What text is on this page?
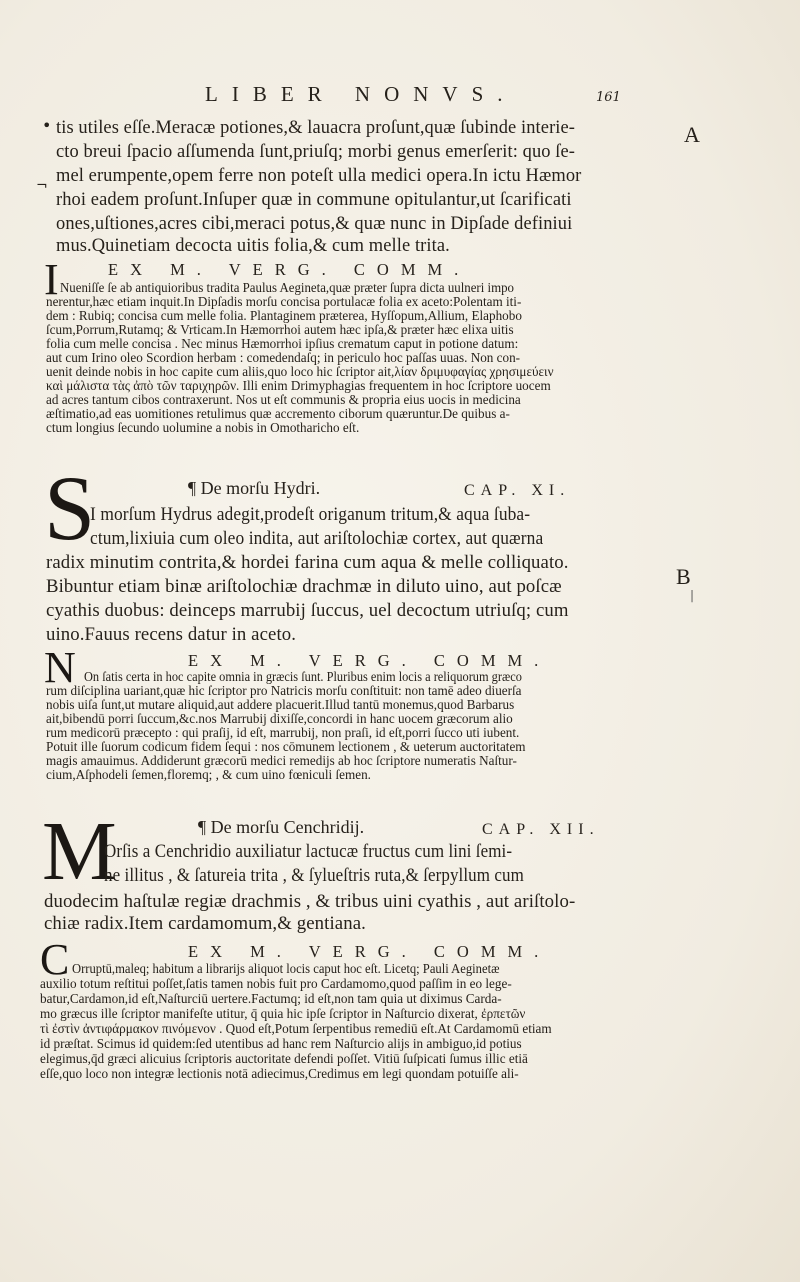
LIBER NONVS.	161
A
B
|
•
¬
tis utiles eſſe.Meracæ potiones,& lauacra proſunt,quæ ſubinde interie-
cto breui ſpacio aſſumenda ſunt,priuſq; morbi genus emerſerit: quo ſe-
mel erumpente,opem ferre non poteſt ulla medici opera.In ictu Hæmor
rhoi eadem proſunt.Inſuper quæ in commune opitulantur,ut ſcarificati
ones,uſtiones,acres cibi,meraci potus,& quæ nunc in Dipſade definiui
mus.Quinetiam decocta uitis folia,& cum melle trita.
I	EX M. VERG. COMM.
Nueniſſe ſe ab antiquioribus tradita Paulus Aegineta,quæ præter ſupra dicta uulneri impo
nerentur,hæc etiam inquit.In Dipſadis morſu concisa portulacæ folia ex aceto:Polentam iti-
dem : Rubiq; concisa cum melle folia. Plantaginem præterea, Hyſſopum,Allium, Elaphobo
ſcum,Porrum,Rutamq; & Vrticam.In Hæmorrhoi autem hæc ipſa,& præter hæc elixa uitis
folia cum melle concisa . Nec minus Hæmorrhoi ipſius crematum caput in potione datum:
aut cum Irino oleo Scordion herbam : comedendaſq; in periculo hoc paſſas uuas. Non con-
uenit deinde nobis in hoc capite cum aliis,quo loco hic ſcriptor ait,λίαν δριμυφαγίας χρησιμεύειν
καὶ μάλιστα τὰς ἀπὸ τῶν ταριχηρῶν. Illi enim Drimyphagias frequentem in hoc ſcriptore uocem
ad acres tantum cibos contraxerunt. Nos ut eſt communis & propria eius uocis in medicina
æſtimatio,ad eas uomitiones retulimus quæ accremento ciborum quæruntur.De quibus a-
ctum longius ſecundo uolumine a nobis in Omotharicho eſt.
S	¶ De morſu Hydri.	CAP. XI.
I morſum Hydrus adegit,prodeſt origanum tritum,& aqua ſuba-
ctum,lixiuia cum oleo indita, aut ariſtolochiæ cortex, aut quærna
radix minutim contrita,& hordei farina cum aqua & melle colliquato.
Bibuntur etiam binæ ariſtolochiæ drachmæ in diluto uino, aut poſcæ
cyathis duobus: deinceps marrubij ſuccus, uel decoctum utriuſq; cum
uino.Fauus recens datur in aceto.
N	EX M. VERG. COMM.
On ſatis certa in hoc capite omnia in græcis ſunt. Pluribus enim locis a reliquorum græco
rum diſciplina uariant,quæ hic ſcriptor pro Natricis morſu conſtituit: non tamē adeo diuerſa
nobis uiſa ſunt,ut mutare aliquid,aut addere placuerit.Illud tantū monemus,quod Barbarus
ait,bibendū porri ſuccum,&c.nos Marrubij dixiſſe,concordi in hanc uocem græcorum alio
rum medicorū præcepto : qui praſij, id eſt, marrubij, non praſi, id eſt,porri ſucco uti iubent.
Potuit ille ſuorum codicum fidem ſequi : nos cōmunem lectionem , & ueterum auctoritatem
magis amauimus. Addiderunt græcorū medici remedijs ab hoc ſcriptore numeratis Naſtur-
cium,Aſphodeli ſemen,floremq; , & cum uino fœniculi ſemen.
M	¶ De morſu Cenchridij.	CAP. XII.
Orſis a Cenchridio auxiliatur lactucæ fructus cum lini ſemi-
ne illitus , & ſatureia trita , & ſylueſtris ruta,& ſerpyllum cum
duodecim haſtulæ regiæ drachmis , & tribus uini cyathis , aut ariſtolo-
chiæ radix.Item cardamomum,& gentiana.
C	EX M. VERG. COMM.
Orruptū,maleq; habitum a librarijs aliquot locis caput hoc eſt. Licetq; Pauli Aeginetæ
auxilio totum reſtitui poſſet,ſatis tamen nobis fuit pro Cardamomo,quod paſſim in eo lege-
batur,Cardamon,id eſt,Naſturciū uertere.Factumq; id eſt,non tam quia ut diximus Carda-
mo græcus ille ſcriptor manifeſte utitur, q̄ quia hic ipſe ſcriptor in Naſturcio dixerat, ἐρπετῶν
τὶ ἐστὶν ἀντιφάρμακον πινόμενον . Quod eſt,Potum ſerpentibus remediū eſt.At Cardamomū etiam
id præſtat. Scimus id quidem:ſed utentibus ad hanc rem Naſturcio alijs in ambiguo,id potius
elegimus,q̄d græci alicuius ſcriptoris auctoritate defendi poſſet. Vitiū ſuſpicati ſumus illic etiā
eſſe,quo loco non integræ lectionis notā adiecimus,Credimus em legi quondam potuiſſe ali-
